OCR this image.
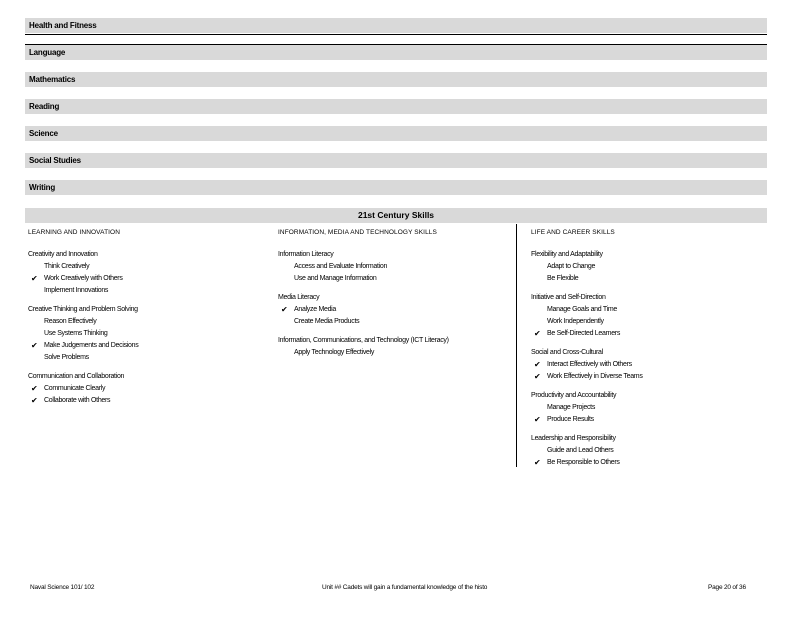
Health and Fitness
Language
Mathematics
Reading
Science
Social Studies
Writing
21st Century Skills
LEARNING AND INNOVATION
Creativity and Innovation
Think Creatively
✔ Work Creatively with Others
Implement Innovations
Creative Thinking and Problem Solving
Reason Effectively
Use Systems Thinking
✔ Make Judgements and Decisions
Solve Problems
Communication and Collaboration
✔ Communicate Clearly
✔ Collaborate with Others
INFORMATION, MEDIA AND TECHNOLOGY SKILLS
Information Literacy
Access and Evaluate Information
Use and Manage Information
Media Literacy
✔ Analyze Media
Create Media Products
Information, Communications, and Technology (ICT Literacy)
Apply Technology Effectively
LIFE AND CAREER SKILLS
Flexibility and Adaptability
Adapt to Change
Be Flexible
Initiative and Self-Direction
Manage Goals and Time
Work Independently
✔ Be Self-Directed Learners
Social and Cross-Cultural
✔ Interact Effectively with Others
✔ Work Effectively in Diverse Teams
Productivity and Accountability
Manage Projects
✔ Produce Results
Leadership and Responsibility
Guide and Lead Others
✔ Be Responsible to Others
Naval Science 101/ 102	Unit ## Cadets will gain a fundamental knowledge of the histo	Page 20 of 36
